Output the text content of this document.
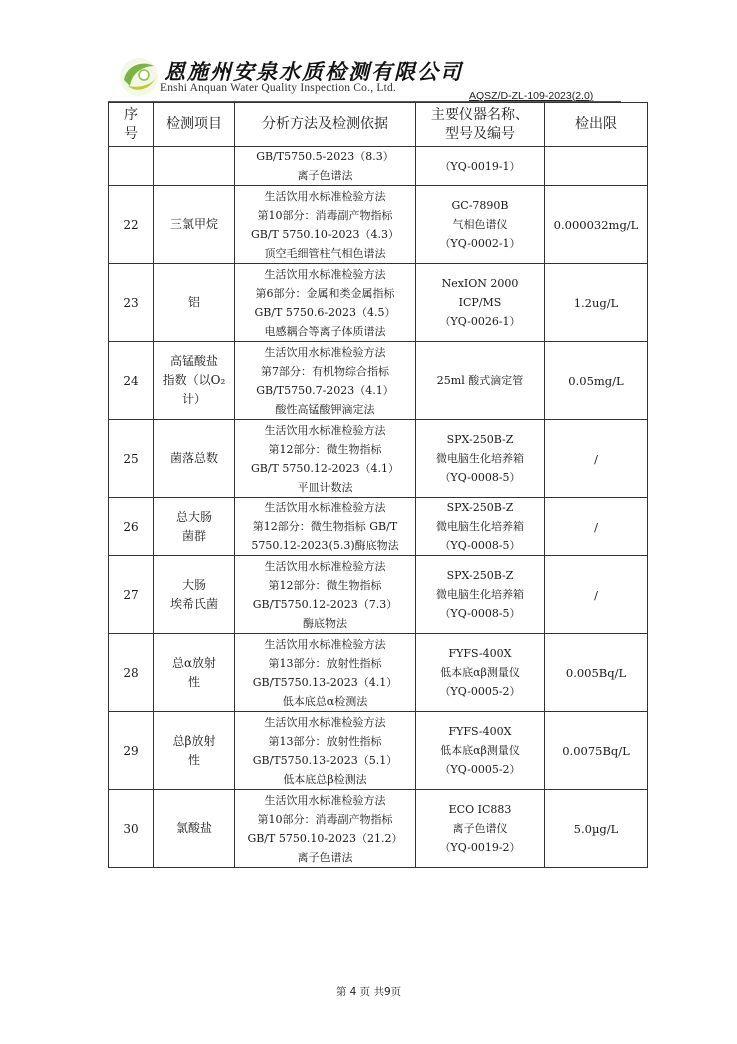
恩施州安泉水质检测有限公司
Enshi Anquan Water Quality Inspection Co., Ltd.
AQSZ/D-ZL-109-2023(2.0)
序
号	检测项目	分析方法及检测依据	主要仪器名称、
型号及编号	检出限

		GB/T5750.5-2023（8.3）
离子色谱法	（YQ-0019-1）	

22	三氯甲烷	生活饮用水标准检验方法
第10部分：消毒副产物指标
GB/T 5750.10-2023（4.3）
顶空毛细管柱气相色谱法	GC-7890B
气相色谱仪
（YQ-0002-1）	0.000032mg/L
23	铝	生活饮用水标准检验方法
第6部分：金属和类金属指标
GB/T 5750.6-2023（4.5）
电感耦合等离子体质谱法	NexION 2000
ICP/MS
（YQ-0026-1）	1.2ug/L
24	高锰酸盐
指数（以O₂
计）	生活饮用水标准检验方法
第7部分：有机物综合指标
GB/T5750.7-2023（4.1）
酸性高锰酸钾滴定法	25ml 酸式滴定管	0.05mg/L
25	菌落总数	生活饮用水标准检验方法
第12部分：微生物指标
GB/T 5750.12-2023（4.1）
平皿计数法	SPX-250B-Z
微电脑生化培养箱
（YQ-0008-5）	/
26	总大肠
菌群	生活饮用水标准检验方法
第12部分：微生物指标 GB/T
5750.12-2023(5.3)酶底物法	SPX-250B-Z
微电脑生化培养箱
（YQ-0008-5）	/
27	大肠
埃希氏菌	生活饮用水标准检验方法
第12部分：微生物指标
GB/T5750.12-2023（7.3）
酶底物法	SPX-250B-Z
微电脑生化培养箱
（YQ-0008-5）	/
28	总α放射
性	生活饮用水标准检验方法
第13部分：放射性指标
GB/T5750.13-2023（4.1）
低本底总α检测法	FYFS-400X
低本底αβ测量仪
（YQ-0005-2）	0.005Bq/L
29	总β放射
性	生活饮用水标准检验方法
第13部分：放射性指标
GB/T5750.13-2023（5.1）
低本底总β检测法	FYFS-400X
低本底αβ测量仪
（YQ-0005-2）	0.0075Bq/L
30	氯酸盐	生活饮用水标准检验方法
第10部分：消毒副产物指标
GB/T 5750.10-2023（21.2）
离子色谱法	ECO IC883
离子色谱仪
（YQ-0019-2）	5.0µg/L
第 4 页 共9页
